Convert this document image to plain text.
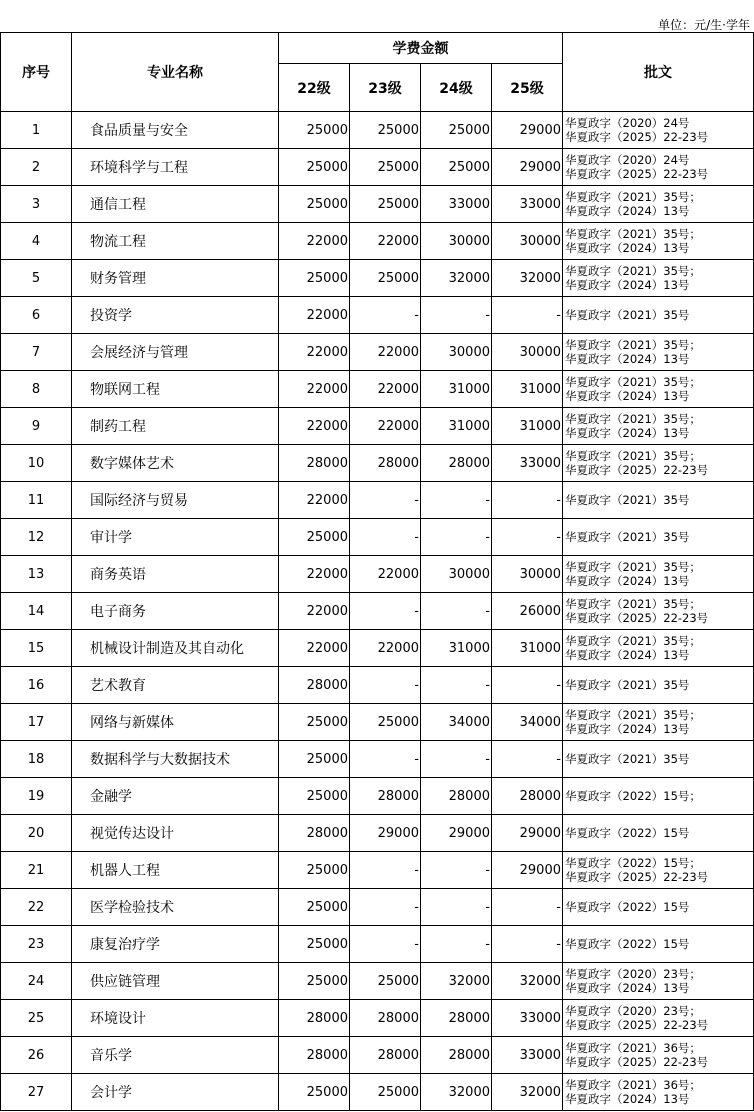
单位：元/生·学年
序号	专业名称	学费金额				批文
		22级	23级	24级	25级	
1	食品质量与安全	25000	25000	25000	29000	华夏政字（2020）24号
华夏政字（2025）22-23号

2	环境科学与工程	25000	25000	25000	29000	华夏政字（2020）24号
华夏政字（2025）22-23号

3	通信工程	25000	25000	33000	33000	华夏政字（2021）35号；
华夏政字（2024）13号

4	物流工程	22000	22000	30000	30000	华夏政字（2021）35号；
华夏政字（2024）13号

5	财务管理	25000	25000	32000	32000	华夏政字（2021）35号；
华夏政字（2024）13号

6	投资学	22000	-	-	-	华夏政字（2021）35号

7	会展经济与管理	22000	22000	30000	30000	华夏政字（2021）35号；
华夏政字（2024）13号

8	物联网工程	22000	22000	31000	31000	华夏政字（2021）35号；
华夏政字（2024）13号

9	制药工程	22000	22000	31000	31000	华夏政字（2021）35号；
华夏政字（2024）13号

10	数字媒体艺术	28000	28000	28000	33000	华夏政字（2021）35号；
华夏政字（2025）22-23号

11	国际经济与贸易	22000	-	-	-	华夏政字（2021）35号

12	审计学	25000	-	-	-	华夏政字（2021）35号

13	商务英语	22000	22000	30000	30000	华夏政字（2021）35号；
华夏政字（2024）13号

14	电子商务	22000	-	-	26000	华夏政字（2021）35号；
华夏政字（2025）22-23号

15	机械设计制造及其自动化	22000	22000	31000	31000	华夏政字（2021）35号；
华夏政字（2024）13号

16	艺术教育	28000	-	-	-	华夏政字（2021）35号

17	网络与新媒体	25000	25000	34000	34000	华夏政字（2021）35号；
华夏政字（2024）13号

18	数据科学与大数据技术	25000	-	-	-	华夏政字（2021）35号

19	金融学	25000	28000	28000	28000	华夏政字（2022）15号；

20	视觉传达设计	28000	29000	29000	29000	华夏政字（2022）15号

21	机器人工程	25000	-	-	29000	华夏政字（2022）15号；
华夏政字（2025）22-23号

22	医学检验技术	25000	-	-	-	华夏政字（2022）15号

23	康复治疗学	25000	-	-	-	华夏政字（2022）15号

24	供应链管理	25000	25000	32000	32000	华夏政字（2020）23号；
华夏政字（2024）13号

25	环境设计	28000	28000	28000	33000	华夏政字（2020）23号；
华夏政字（2025）22-23号

26	音乐学	28000	28000	28000	33000	华夏政字（2021）36号；
华夏政字（2025）22-23号

27	会计学	25000	25000	32000	32000	华夏政字（2021）36号；
华夏政字（2024）13号
